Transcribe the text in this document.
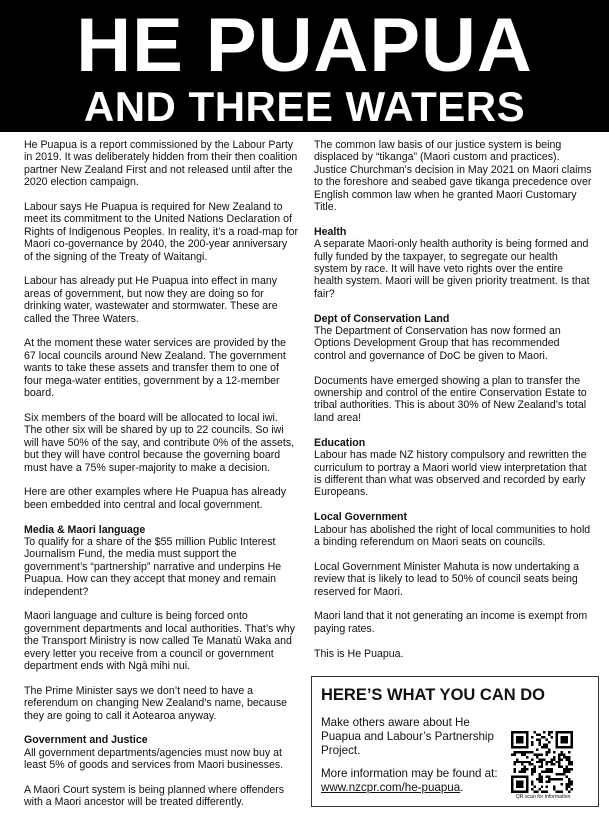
HE PUAPUA
AND THREE WATERS

He Puapua is a report commissioned by the Labour Party in 2019. It was deliberately hidden from their then coalition partner New Zealand First and not released until after the 2020 election campaign.

Labour says He Puapua is required for New Zealand to meet its commitment to the United Nations Declaration of Rights of Indigenous Peoples. In reality, it’s a road-map for Maori co-governance by 2040, the 200-year anniversary of the signing of the Treaty of Waitangi.

Labour has already put He Puapua into effect in many areas of government, but now they are doing so for drinking water, wastewater and stormwater. These are called the Three Waters.

At the moment these water services are provided by the 67 local councils around New Zealand. The government wants to take these assets and transfer them to one of four mega-water entities, government by a 12-member board.

Six members of the board will be allocated to local iwi. The other six will be shared by up to 22 councils. So iwi will have 50% of the say, and contribute 0% of the assets, but they will have control because the governing board must have a 75% super-majority to make a decision.

Here are other examples where He Puapua has already been embedded into central and local government.

Media & Maori language

To qualify for a share of the $55 million Public Interest Journalism Fund, the media must support the government’s “partnership” narrative and underpins He Puapua. How can they accept that money and remain independent?

Maori language and culture is being forced onto government departments and local authorities. That’s why the Transport Ministry is now called Te Manatū Waka and every letter you receive from a council or government department ends with Ngā mihi nui.

The Prime Minister says we don’t need to have a referendum on changing New Zealand’s name, because they are going to call it Aotearoa anyway.

Government and Justice

All government departments/agencies must now buy at least 5% of goods and services from Maori businesses.

A Maori Court system is being planned where offenders with a Maori ancestor will be treated differently.

The common law basis of our justice system is being displaced by “tikanga” (Maori custom and practices). Justice Churchman's decision in May 2021 on Maori claims to the foreshore and seabed gave tikanga precedence over English common law when he granted Maori Customary Title.

Health

A separate Maori-only health authority is being formed and fully funded by the taxpayer, to segregate our health system by race. It will have veto rights over the entire health system. Maori will be given priority treatment. Is that fair?

Dept of Conservation Land

The Department of Conservation has now formed an Options Development Group that has recommended control and governance of DoC be given to Maori.

Documents have emerged showing a plan to transfer the ownership and control of the entire Conservation Estate to tribal authorities. This is about 30% of New Zealand's total land area!

Education

Labour has made NZ history compulsory and rewritten the curriculum to portray a Maori world view interpretation that is different than what was observed and recorded by early Europeans.

Local Government

Labour has abolished the right of local communities to hold a binding referendum on Maori seats on councils.

Local Government Minister Mahuta is now undertaking a review that is likely to lead to 50% of council seats being reserved for Maori.

Maori land that it not generating an income is exempt from paying rates.

This is He Puapua.

HERE’S WHAT YOU CAN DO

Make others aware about He Puapua and Labour’s Partnership Project.

More information may be found at:
www.nzcpr.com/he-puapua.

QR scan for information
